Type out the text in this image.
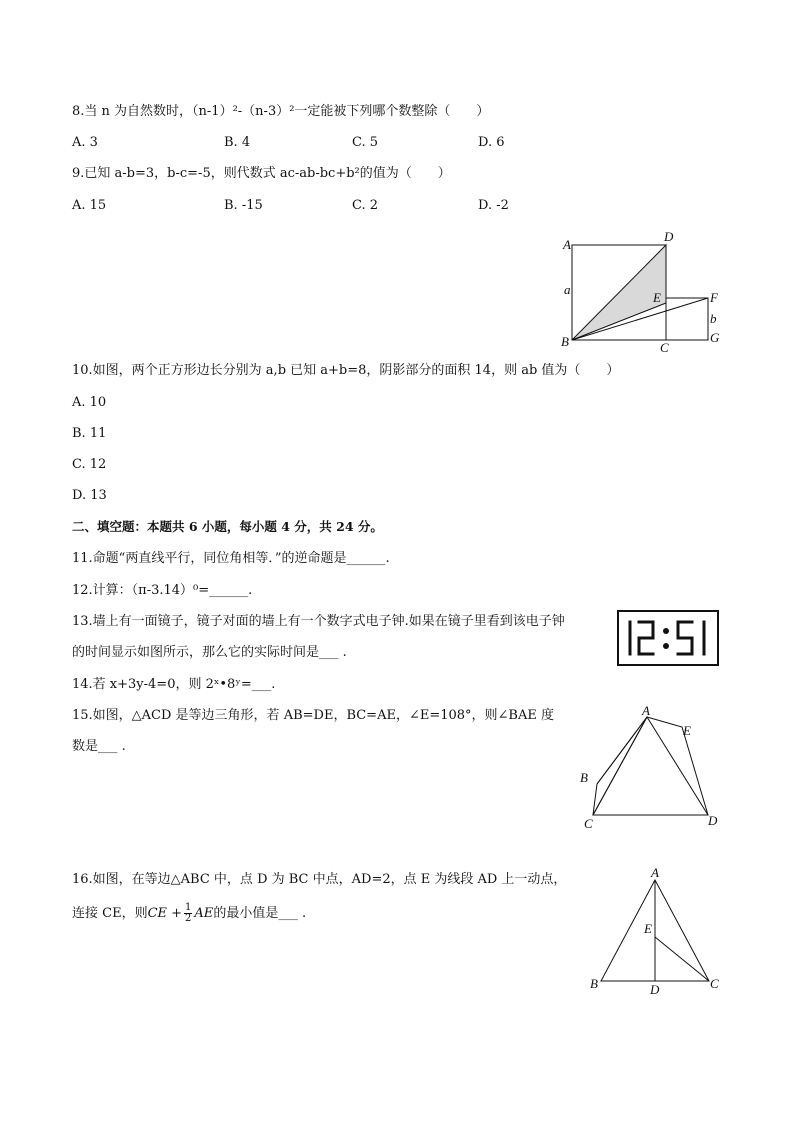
8.当 n 为自然数时，（n-1）²-（n-3）²一定能被下列哪个数整除（　　）
A. 3	B. 4	C. 5	D. 6
9.已知 a-b=3，b-c=-5，则代数式 ac-ab-bc+b²的值为（　　）
A. 15	B. -15	C. 2	D. -2
A
D
a
E	F
b
B	C
G
10.如图，两个正方形边长分别为 a,b 已知 a+b=8，阴影部分的面积 14，则 ab 值为（　　）
A. 10
B. 11
C. 12
D. 13
二、填空题：本题共 6 小题，每小题 4 分，共 24 分。
11.命题“两直线平行，同位角相等．”的逆命题是______.
12.计算：（π-3.14）⁰=______.
13.墙上有一面镜子，镜子对面的墙上有一个数字式电子钟.如果在镜子里看到该电子钟
的时间显示如图所示，那么它的实际时间是___ .
14.若 x+3y-4=0，则 2ˣ•8ʸ=___.
15.如图，△ACD 是等边三角形，若 AB=DE，BC=AE，∠E=108°，则∠BAE 度
数是___ .
A
E
B
C	D
16.如图，在等边△ABC 中，点 D 为 BC 中点，AD=2，点 E 为线段 AD 上一动点，
连接 CE，则CE + $\frac{1}{2}$ AE的最小值是___ .
A
E
B	D	C
